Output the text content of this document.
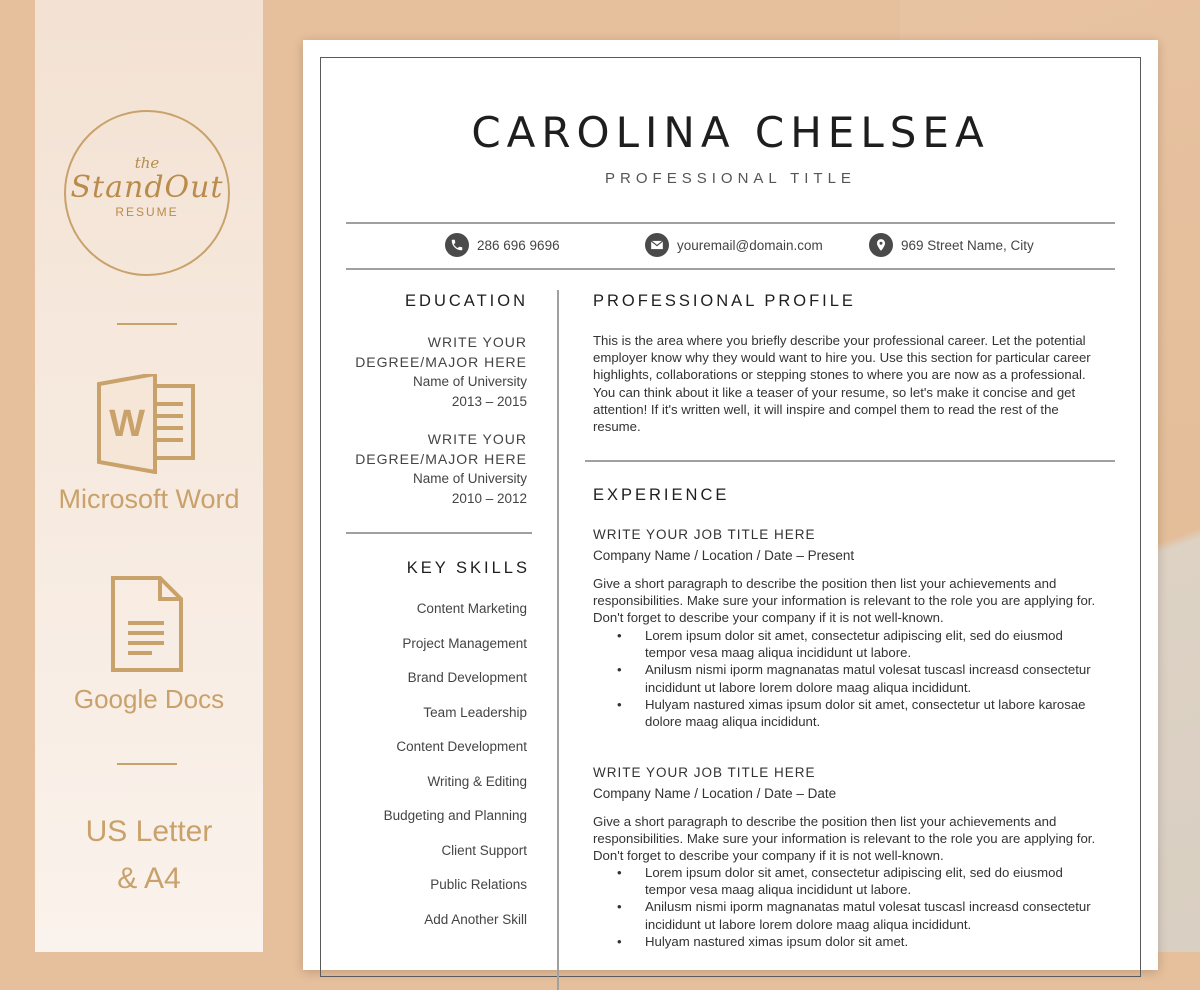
the
StandOut
RESUME
W
Microsoft Word
Google Docs
US Letter
& A4
CAROLINA CHELSEA
PROFESSIONAL TITLE
286 696 9696	youremail@domain.com	969 Street Name, City
EDUCATION
WRITE YOUR
DEGREE/MAJOR HERE
Name of University
2013 – 2015
WRITE YOUR
DEGREE/MAJOR HERE
Name of University
2010 – 2012
KEY SKILLS
Content Marketing
Project Management
Brand Development
Team Leadership
Content Development
Writing & Editing
Budgeting and Planning
Client Support
Public Relations
Add Another Skill
PROFESSIONAL PROFILE
This is the area where you briefly describe your professional career. Let the potential employer know why they would want to hire you. Use this section for particular career highlights, collaborations or stepping stones to where you are now as a professional. You can think about it like a teaser of your resume, so let's make it concise and get attention! If it's written well, it will inspire and compel them to read the rest of the resume.
EXPERIENCE
WRITE YOUR JOB TITLE HERE
Company Name / Location / Date – Present
Give a short paragraph to describe the position then list your achievements and responsibilities. Make sure your information is relevant to the role you are applying for. Don't forget to describe your company if it is not well-known.
• Lorem ipsum dolor sit amet, consectetur adipiscing elit, sed do eiusmod tempor vesa maag aliqua incididunt ut labore.
• Anilusm nismi iporm magnanatas matul volesat tuscasl increasd consectetur incididunt ut labore lorem dolore maag aliqua incididunt.
• Hulyam nastured ximas ipsum dolor sit amet, consectetur ut labore karosae dolore maag aliqua incididunt.
WRITE YOUR JOB TITLE HERE
Company Name / Location / Date – Date
Give a short paragraph to describe the position then list your achievements and responsibilities. Make sure your information is relevant to the role you are applying for. Don't forget to describe your company if it is not well-known.
• Lorem ipsum dolor sit amet, consectetur adipiscing elit, sed do eiusmod tempor vesa maag aliqua incididunt ut labore.
• Anilusm nismi iporm magnanatas matul volesat tuscasl increasd consectetur incididunt ut labore lorem dolore maag aliqua incididunt.
• Hulyam nastured ximas ipsum dolor sit amet.
